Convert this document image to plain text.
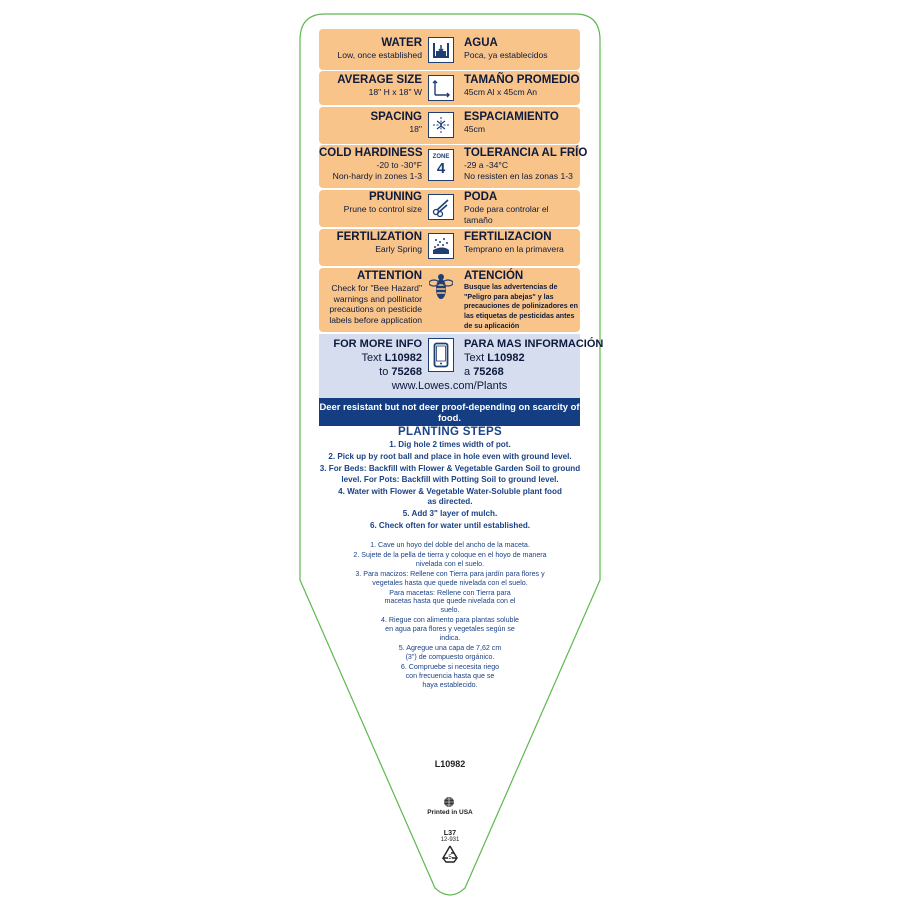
WATER
Low, once established
AGUA
Poca, ya establecidos
AVERAGE SIZE
18" H x 18" W
TAMAÑO PROMEDIO
45cm Al x 45cm An
SPACING
18"
ESPACIAMIENTO
45cm
COLD HARDINESS
-20 to -30°F
Non-hardy in zones 1-3
ZONE
4
TOLERANCIA AL FRÍO
-29 a -34°C
No resisten en las zonas 1-3
PRUNING
Prune to control size
PODA
Pode para controlar el tamaño
FERTILIZATION
Early Spring
FERTILIZACION
Temprano en la primavera
ATTENTION
Check for "Bee Hazard" warnings and pollinator precautions on pesticide labels before application
ATENCIÓN
Busque las advertencias de "Peligro para abejas" y las precauciones de polinizadores en las etiquetas de pesticidas antes de su aplicación
FOR MORE INFO
Text L10982
to 75268
PARA MAS INFORMACIÓN
Text L10982
a 75268
www.Lowes.com/Plants
Deer resistant but not deer proof-depending on scarcity of food.
PLANTING STEPS
1. Dig hole 2 times width of pot.
2. Pick up by root ball and place in hole even with ground level.
3. For Beds: Backfill with Flower & Vegetable Garden Soil to ground level. For Pots: Backfill with Potting Soil to ground level.
4. Water with Flower & Vegetable Water-Soluble plant food as directed.
5. Add 3" layer of mulch.
6. Check often for water until established.
1. Cave un hoyo del doble del ancho de la maceta.
2. Sujete de la pella de tierra y coloque en el hoyo de manera nivelada con el suelo.
3. Para macizos: Rellene con Tierra para jardín para flores y vegetales hasta que quede nivelada con el suelo.
Para macetas: Rellene con Tierra para macetas hasta que quede nivelada con el suelo.
4. Riegue con alimento para plantas soluble en agua para flores y vegetales según se indica.
5. Agregue una capa de 7,62 cm (3") de compuesto orgánico.
6. Compruebe si necesita riego con frecuencia hasta que se haya establecido.
L10982
Printed in USA
L37
12-931
5
